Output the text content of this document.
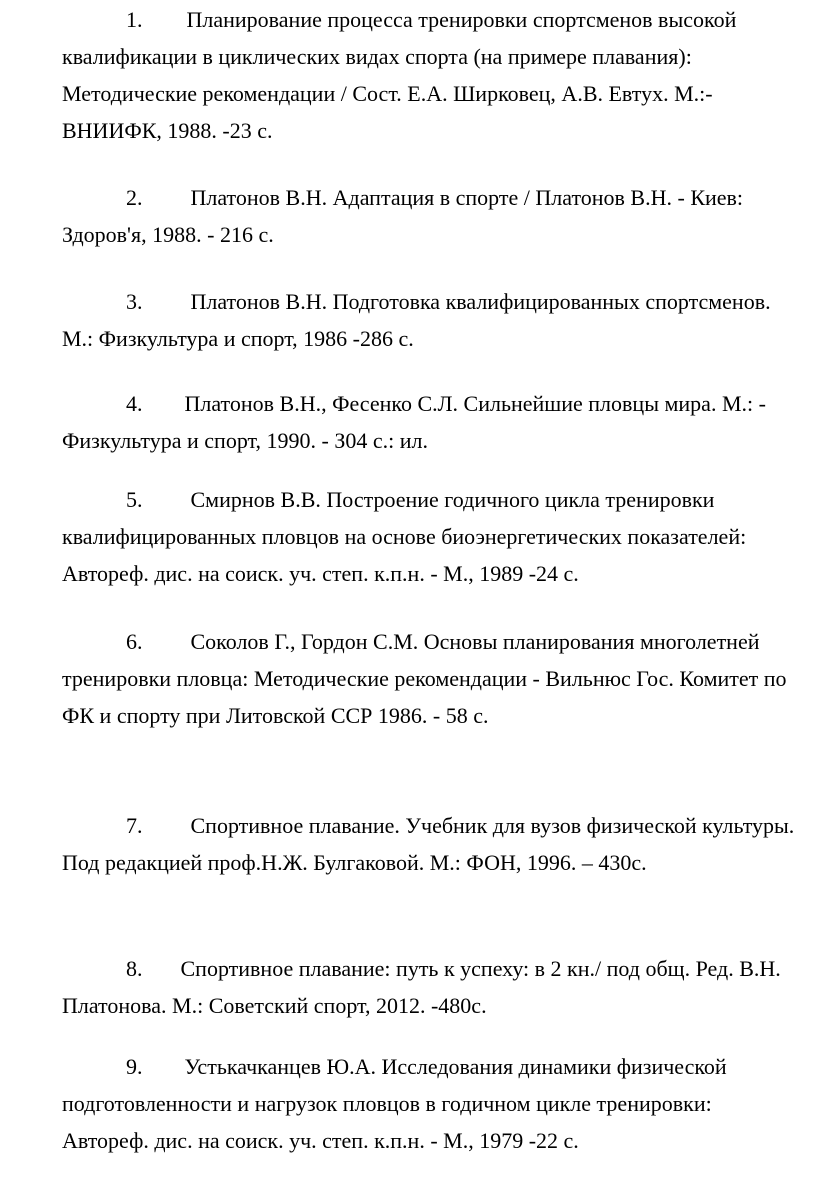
1. Планирование процесса тренировки спортсменов высокой квалификации в циклических видах спорта (на примере плавания): Методические рекомендации / Сост. Е.А. Ширковец, А.В. Евтух. М.:- ВНИИФК, 1988. -23 с.

2. Платонов В.Н. Адаптация в спорте / Платонов В.Н. - Киев: Здоров'я, 1988. - 216 с.

3. Платонов В.Н. Подготовка квалифицированных спортсменов. М.: Физкультура и спорт, 1986 -286 с.

4. Платонов В.Н., Фесенко С.Л. Сильнейшие пловцы мира. М.: - Физкультура и спорт, 1990. - З04 с.: ил.

5. Смирнов В.В. Построение годичного цикла тренировки квалифицированных пловцов на основе биоэнергетических показателей: Автореф. дис. на соиск. уч. степ. к.п.н. - М., 1989 -24 с.

6. Соколов Г., Гордон С.М. Основы планирования многолетней тренировки пловца: Методические рекомендации - Вильнюс Гос. Комитет по ФК и спорту при Литовской ССР 1986. - 58 с.

7. Спортивное плавание. Учебник для вузов физической культуры. Под редакцией проф.Н.Ж. Булгаковой. М.: ФОН, 1996. – 430с.

8. Спортивное плавание: путь к успеху: в 2 кн./ под общ. Ред. В.Н. Платонова. М.: Советский спорт, 2012. -480с.

9. Устькачканцев Ю.А. Исследования динамики физической подготовленности и нагрузок пловцов в годичном цикле тренировки: Автореф. дис. на соиск. уч. степ. к.п.н. - М., 1979 -22 с.
